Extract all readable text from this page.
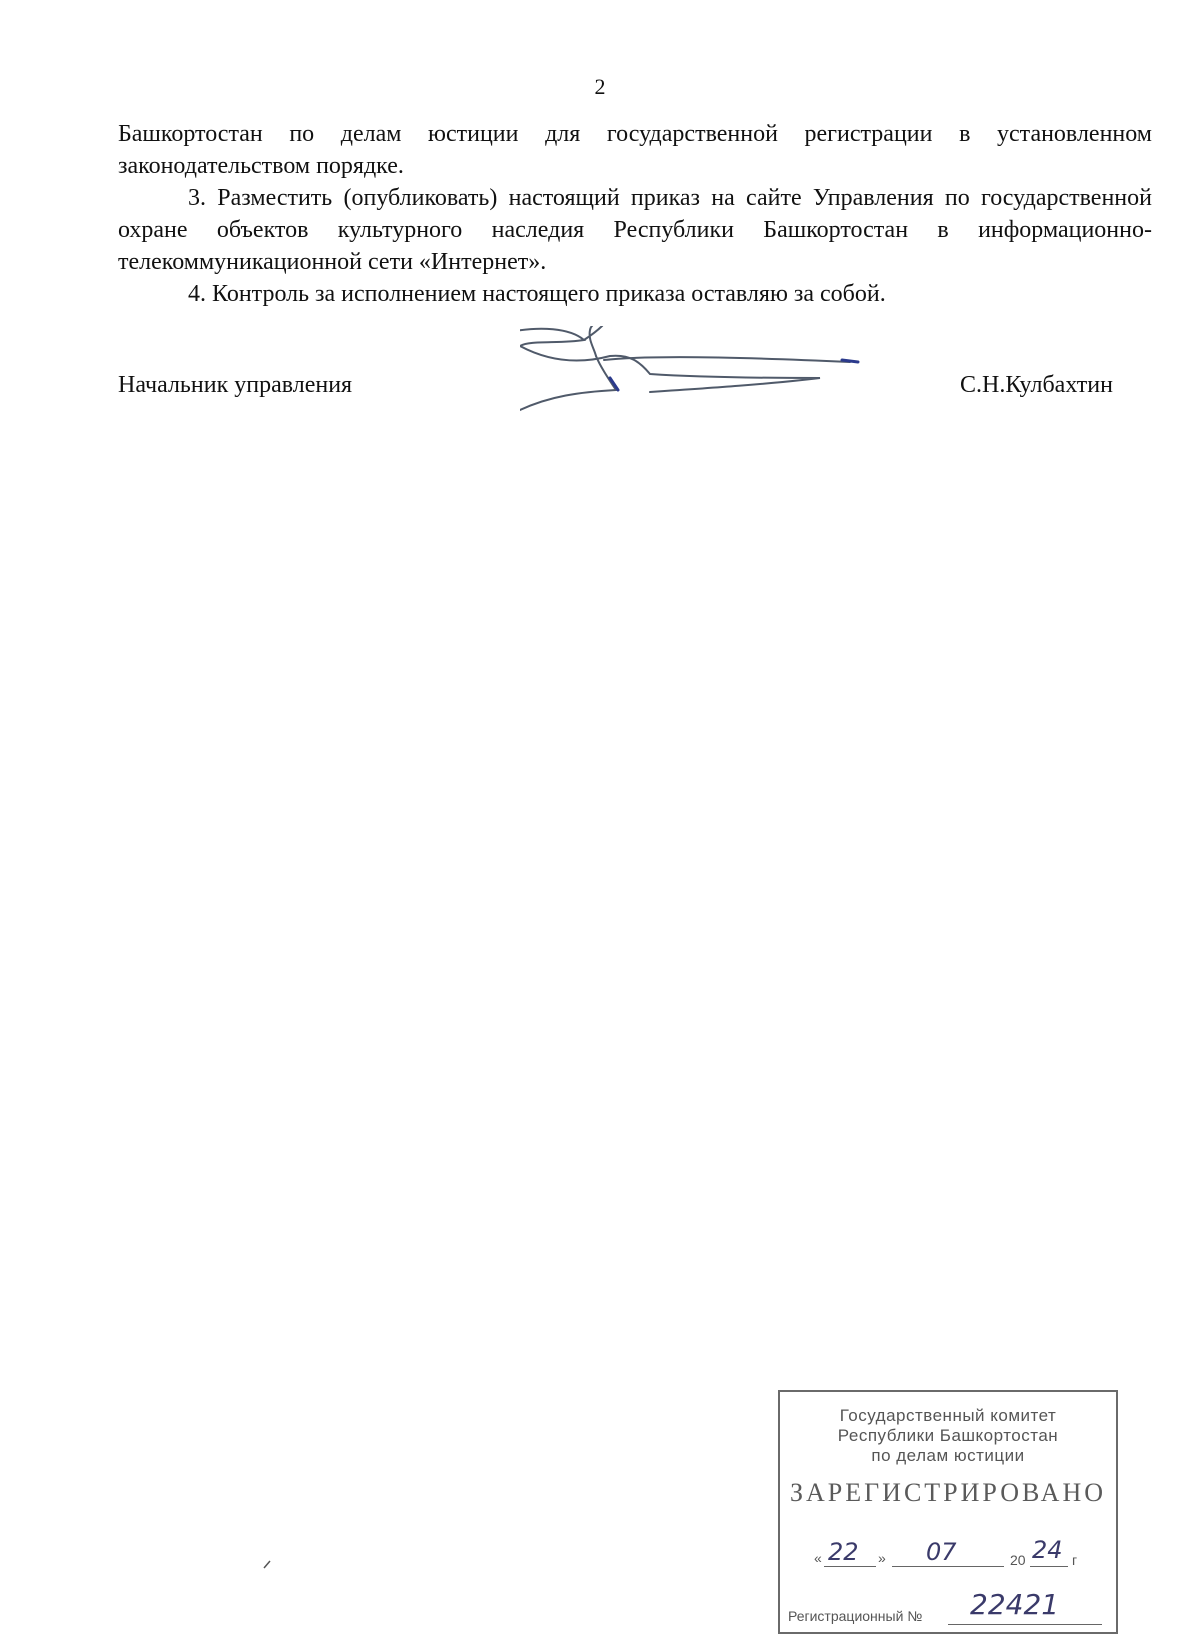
2

Башкортостан по делам юстиции для государственной регистрации в установленном законодательством порядке.

3. Разместить (опубликовать) настоящий приказ на сайте Управления по государственной охране объектов культурного наследия Республики Башкортостан в информационно-телекоммуникационной сети «Интернет».

4. Контроль за исполнением настоящего приказа оставляю за собой.

Начальник управления	С.Н.Кулбахтин
Государственный комитет
Республики Башкортостан
по делам юстиции
ЗАРЕГИСТРИРОВАНО
« 22 » 07	20 24 г
Регистрационный № 22421
